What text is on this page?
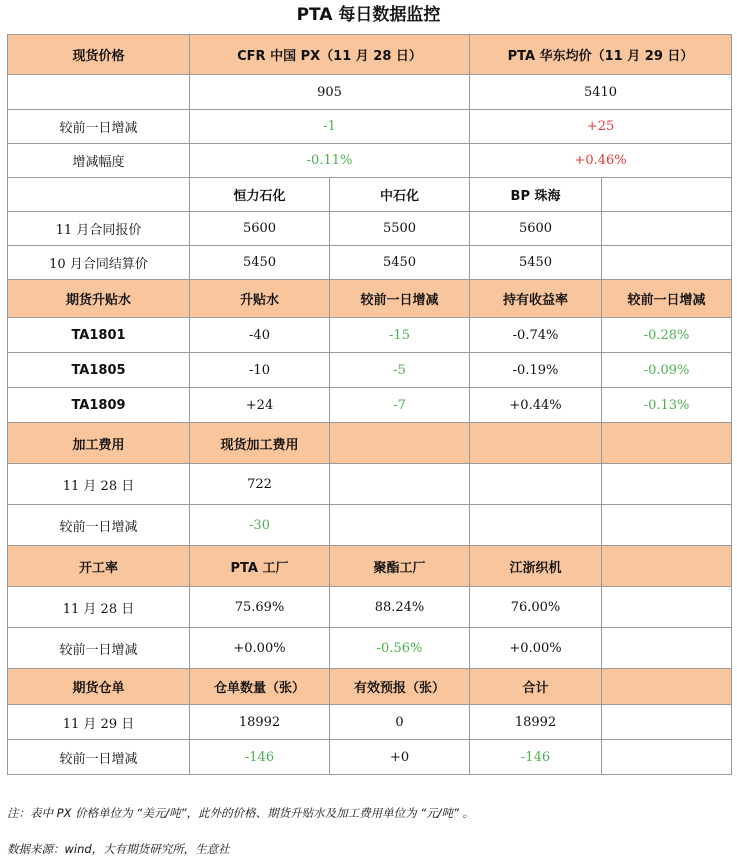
PTA 每日数据监控
现货价格	CFR 中国 PX（11 月 28 日）		PTA 华东均价（11 月 29 日）	
	905		5410	
较前一日增减	-1		+25	
增减幅度	-0.11%		+0.46%	
	恒力石化	中石化	BP 珠海	
11 月合同报价	5600	5500	5600	
10 月合同结算价	5450	5450	5450	
期货升贴水	升贴水	较前一日增减	持有收益率	较前一日增减
TA1801	-40	-15	-0.74%	-0.28%
TA1805	-10	-5	-0.19%	-0.09%
TA1809	+24	-7	+0.44%	-0.13%
加工费用	现货加工费用			
11 月 28 日	722			
较前一日增减	-30			
开工率	PTA 工厂	聚酯工厂	江浙织机	
11 月 28 日	75.69%	88.24%	76.00%	
较前一日增减	+0.00%	-0.56%	+0.00%	
期货仓单	仓单数量（张）	有效预报（张）	合计	
11 月 29 日	18992	0	18992	
较前一日增减	-146	+0	-146	
注：表中 PX 价格单位为 “美元/吨”，此外的价格、期货升贴水及加工费用单位为 “元/吨” 。
数据来源：wind，大有期货研究所，生意社
